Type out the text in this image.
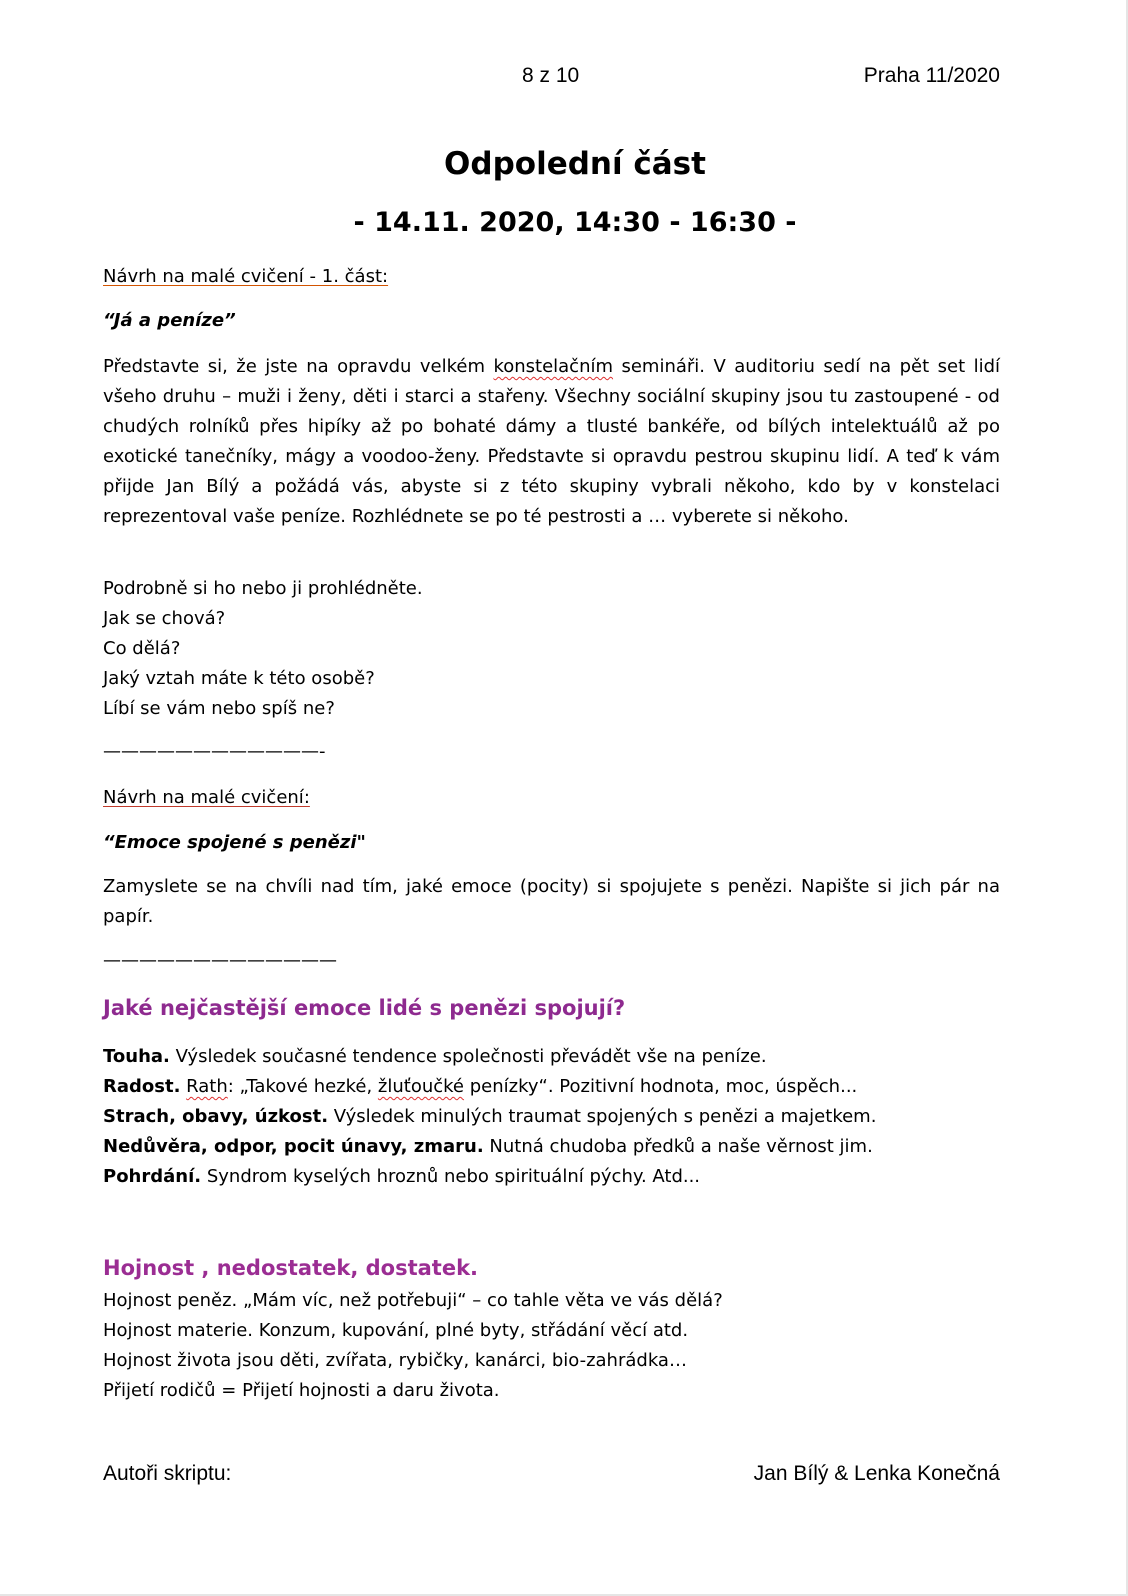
8 z 10	Praha 11/2020
Odpolední část
- 14.11. 2020, 14:30 - 16:30 -
Návrh na malé cvičení - 1. část:
“Já a peníze”
Představte si, že jste na opravdu velkém konstelačním semináři. V auditoriu sedí na pět set lidí
všeho druhu – muži i ženy, děti i starci a stařeny. Všechny sociální skupiny jsou tu zastoupené - od
chudých rolníků přes hipíky až po bohaté dámy a tlusté bankéře, od bílých intelektuálů až po
exotické tanečníky, mágy a voodoo-ženy. Představte si opravdu pestrou skupinu lidí. A teď k vám
přijde Jan Bílý a požádá vás, abyste si z této skupiny vybrali někoho, kdo by v konstelaci
reprezentoval vaše peníze. Rozhlédnete se po té pestrosti a … vyberete si někoho.
Podrobně si ho nebo ji prohlédněte.
Jak se chová?
Co dělá?
Jaký vztah máte k této osobě?
Líbí se vám nebo spíš ne?
————————————-
Návrh na malé cvičení:
“Emoce spojené s penězi"
Zamyslete se na chvíli nad tím, jaké emoce (pocity) si spojujete s penězi. Napište si jich pár na
papír.
—————————————
Jaké nejčastější emoce lidé s penězi spojují?
Touha. Výsledek současné tendence společnosti převádět vše na peníze.
Radost. Rath: „Takové hezké, žluťoučké penízky“. Pozitivní hodnota, moc, úspěch...
Strach, obavy, úzkost. Výsledek minulých traumat spojených s penězi a majetkem.
Nedůvěra, odpor, pocit únavy, zmaru. Nutná chudoba předků a naše věrnost jim.
Pohrdání. Syndrom kyselých hroznů nebo spirituální pýchy. Atd...
Hojnost , nedostatek, dostatek.
Hojnost peněz. „Mám víc, než potřebuji“ – co tahle věta ve vás dělá?
Hojnost materie. Konzum, kupování, plné byty, střádání věcí atd.
Hojnost života jsou děti, zvířata, rybičky, kanárci, bio-zahrádka…
Přijetí rodičů = Přijetí hojnosti a daru života.
Autoři skriptu:	Jan Bílý & Lenka Konečná
